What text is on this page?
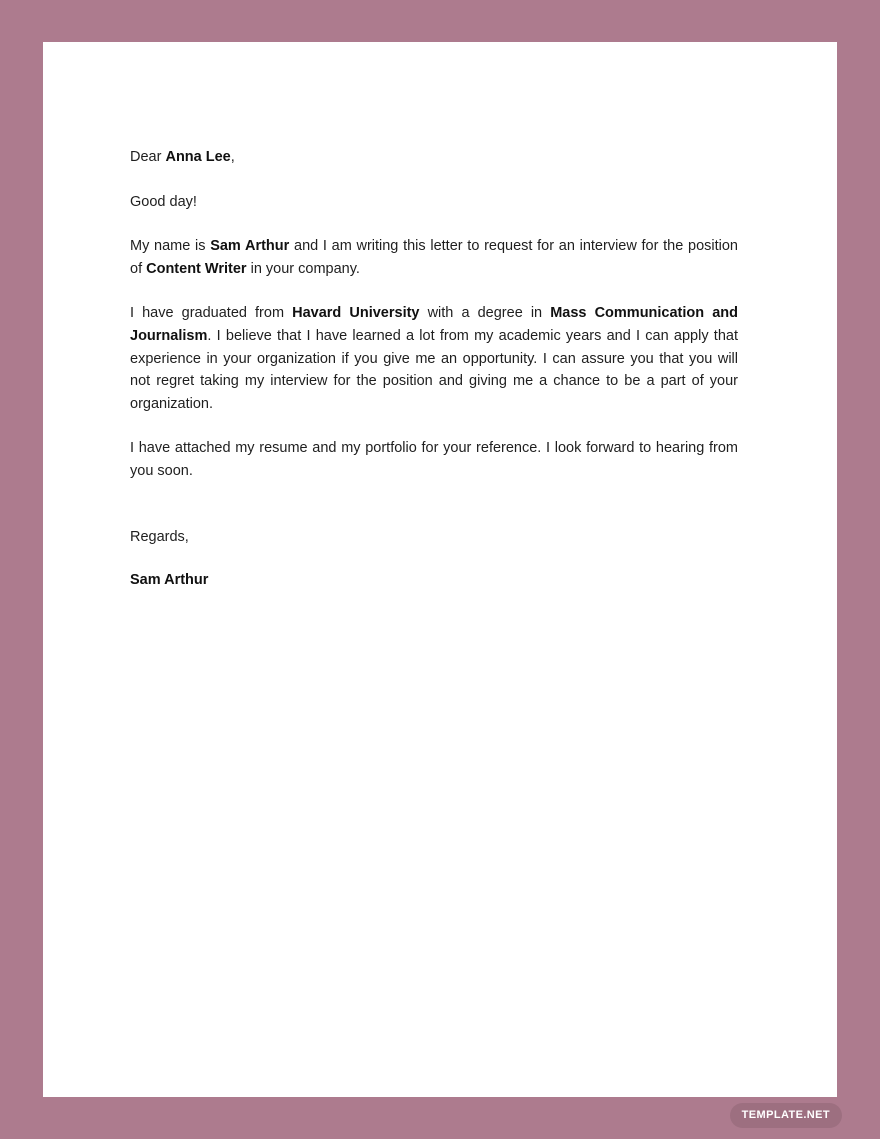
Dear Anna Lee,

Good day!

My name is Sam Arthur and I am writing this letter to request for an interview for the position of Content Writer in your company.

I have graduated from Havard University with a degree in Mass Communication and Journalism. I believe that I have learned a lot from my academic years and I can apply that experience in your organization if you give me an opportunity. I can assure you that you will not regret taking my interview for the position and giving me a chance to be a part of your organization.

I have attached my resume and my portfolio for your reference. I look forward to hearing from you soon.

Regards,

Sam Arthur

TEMPLATE.NET
